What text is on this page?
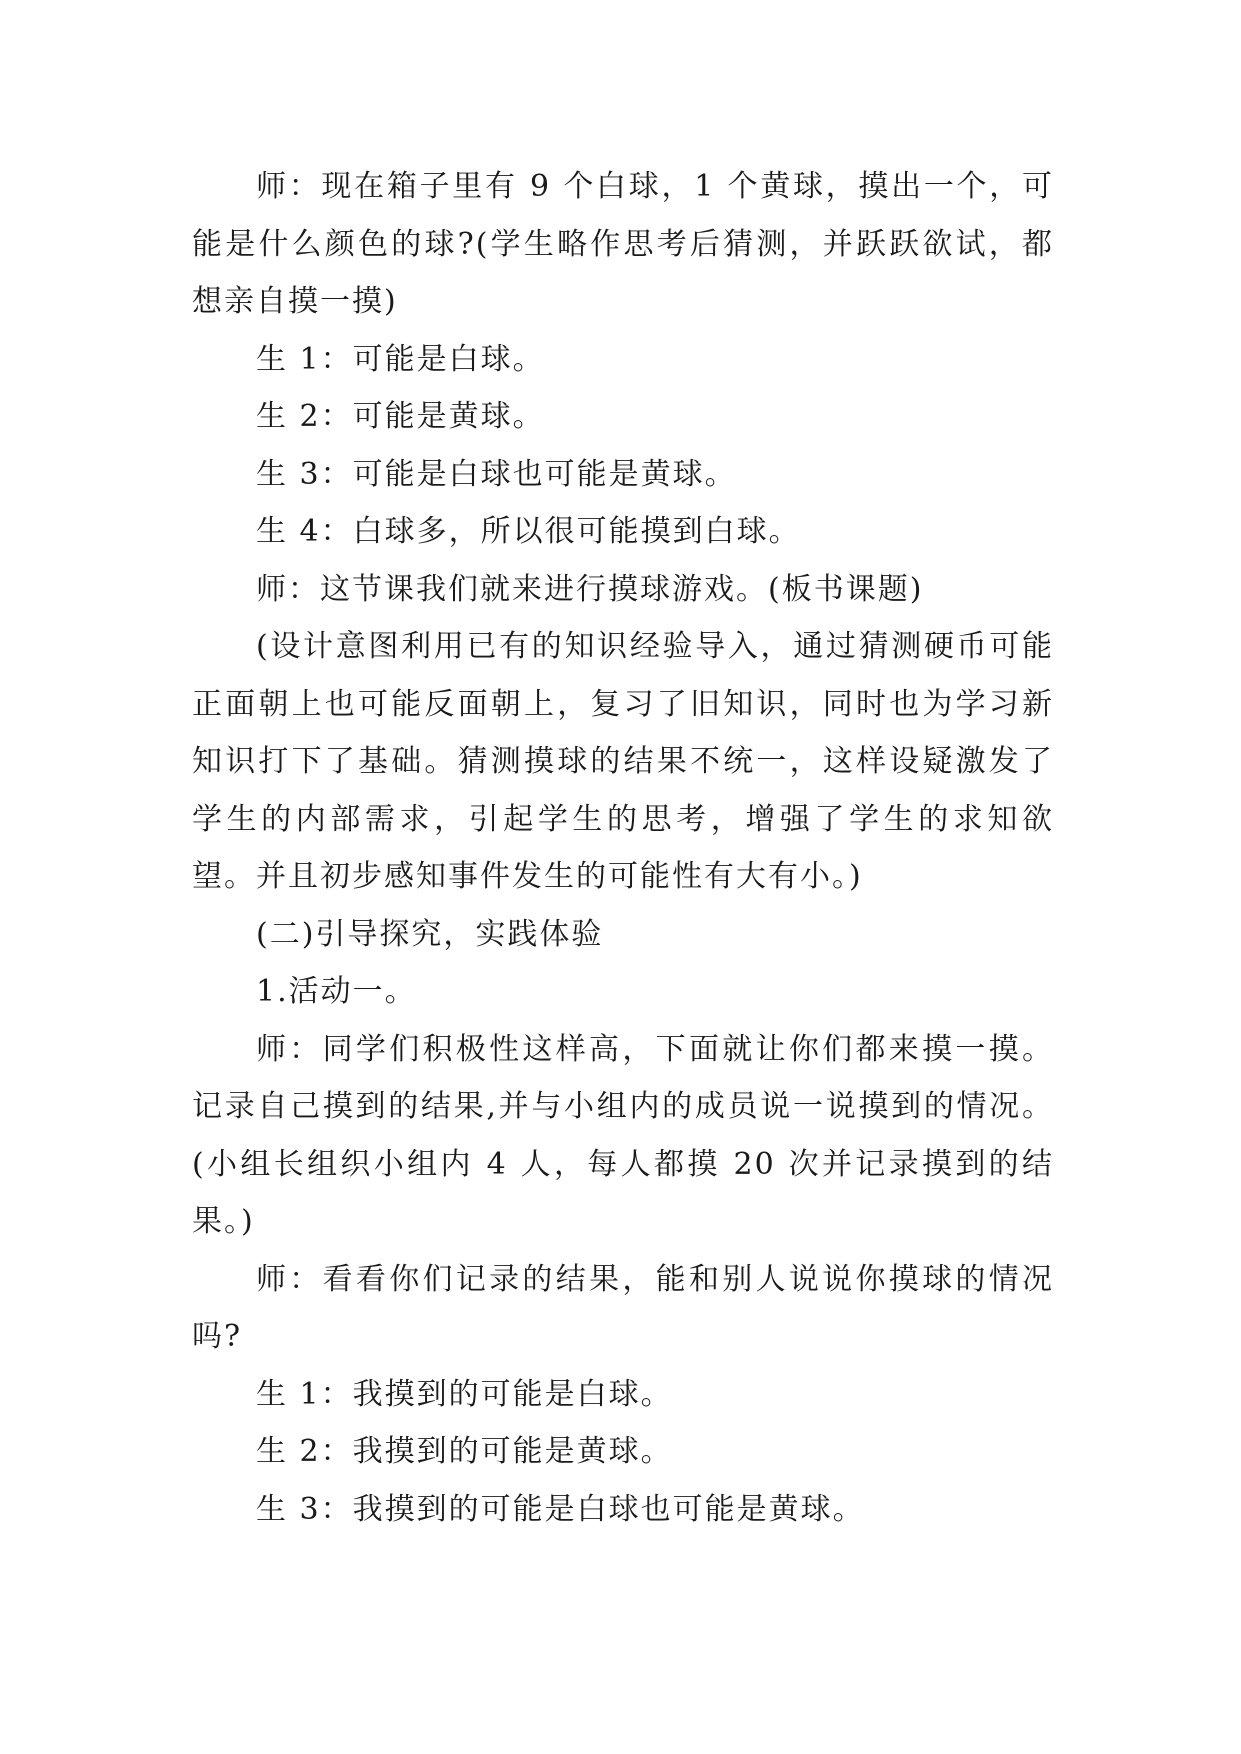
师：现在箱子里有 9 个白球，1 个黄球，摸出一个，可能是什么颜色的球?(学生略作思考后猜测，并跃跃欲试，都想亲自摸一摸)

生 1：可能是白球。

生 2：可能是黄球。

生 3：可能是白球也可能是黄球。

生 4：白球多，所以很可能摸到白球。

师：这节课我们就来进行摸球游戏。(板书课题)

(设计意图利用已有的知识经验导入，通过猜测硬币可能正面朝上也可能反面朝上，复习了旧知识，同时也为学习新知识打下了基础。猜测摸球的结果不统一，这样设疑激发了学生的内部需求，引起学生的思考，增强了学生的求知欲望。并且初步感知事件发生的可能性有大有小。)

(二)引导探究，实践体验

1.活动一。

师：同学们积极性这样高，下面就让你们都来摸一摸。记录自己摸到的结果,并与小组内的成员说一说摸到的情况。(小组长组织小组内 4 人，每人都摸 20 次并记录摸到的结果。)

师：看看你们记录的结果，能和别人说说你摸球的情况吗?

生 1：我摸到的可能是白球。

生 2：我摸到的可能是黄球。

生 3：我摸到的可能是白球也可能是黄球。
